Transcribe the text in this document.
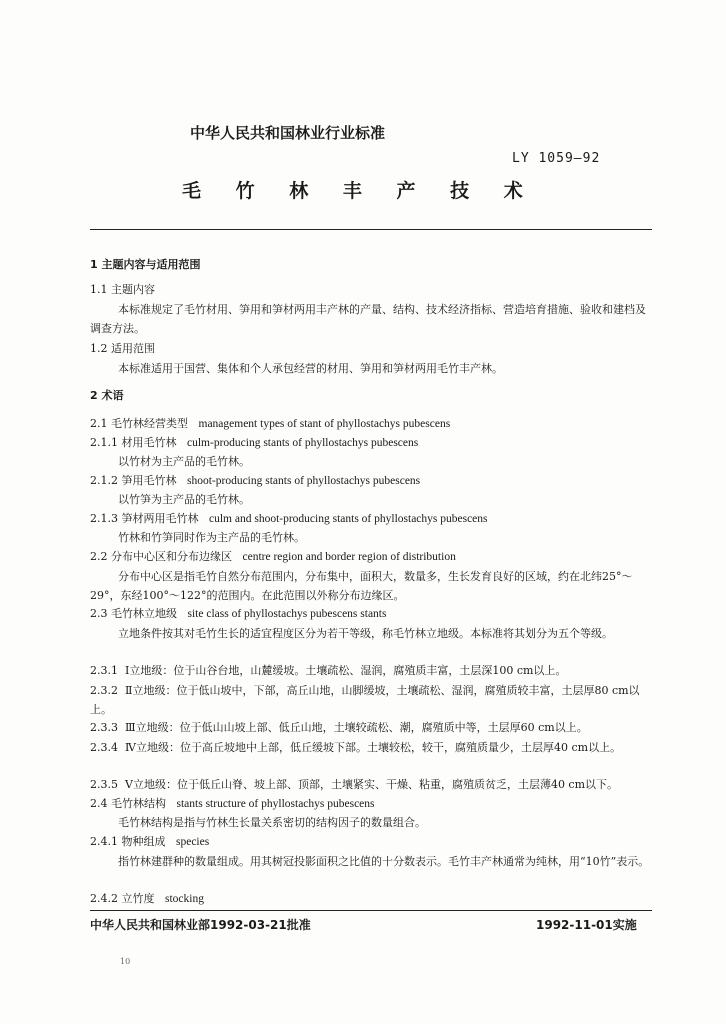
中华人民共和国林业行业标准
LY 1059—92
毛 竹 林 丰 产 技 术
1 主题内容与适用范围
1.1 主题内容
本标准规定了毛竹材用、笋用和笋材两用丰产林的产量、结构、技术经济指标、营造培育措施、验收和建档及调查方法。
1.2 适用范围
本标准适用于国营、集体和个人承包经营的材用、笋用和笋材两用毛竹丰产林。
2 术语
2.1 毛竹林经营类型 management types of stant of phyllostachys pubescens
2.1.1 材用毛竹林 culm-producing stants of phyllostachys pubescens
以竹材为主产品的毛竹林。
2.1.2 笋用毛竹林 shoot-producing stants of phyllostachys pubescens
以竹笋为主产品的毛竹林。
2.1.3 笋材两用毛竹林 culm and shoot-producing stants of phyllostachys pubescens
竹林和竹笋同时作为主产品的毛竹林。
2.2 分布中心区和分布边缘区 centre region and border region of distribution
分布中心区是指毛竹自然分布范围内，分布集中，面积大，数量多，生长发育良好的区域，约在北纬25°～29°，东经100°～122°的范围内。在此范围以外称分布边缘区。
2.3 毛竹林立地级 site class of phyllostachys pubescens stants
立地条件按其对毛竹生长的适宜程度区分为若干等级，称毛竹林立地级。本标准将其划分为五个等级。
2.3.1 Ⅰ立地级：位于山谷台地，山麓缓坡。土壤疏松、湿润，腐殖质丰富，土层深100 cm以上。
2.3.2 Ⅱ立地级：位于低山坡中，下部，高丘山地，山脚缓坡，土壤疏松、湿润，腐殖质较丰富，土层厚80 cm以上。
2.3.3 Ⅲ立地级：位于低山山坡上部、低丘山地，土壤较疏松、潮，腐殖质中等，土层厚60 cm以上。
2.3.4 Ⅳ立地级：位于高丘坡地中上部，低丘缓坡下部。土壤较松，较干，腐殖质量少，土层厚40 cm以上。
2.3.5 Ⅴ立地级：位于低丘山脊、坡上部、顶部，土壤紧实、干燥、粘重，腐殖质贫乏，土层薄40 cm以下。
2.4 毛竹林结构 stants structure of phyllostachys pubescens
毛竹林结构是指与竹林生长量关系密切的结构因子的数量组合。
2.4.1 物种组成 species
指竹林建群种的数量组成。用其树冠投影面积之比值的十分数表示。毛竹丰产林通常为纯林，用“10竹”表示。
2.4.2 立竹度 stocking
中华人民共和国林业部1992-03-21批准	1992-11-01实施
10
